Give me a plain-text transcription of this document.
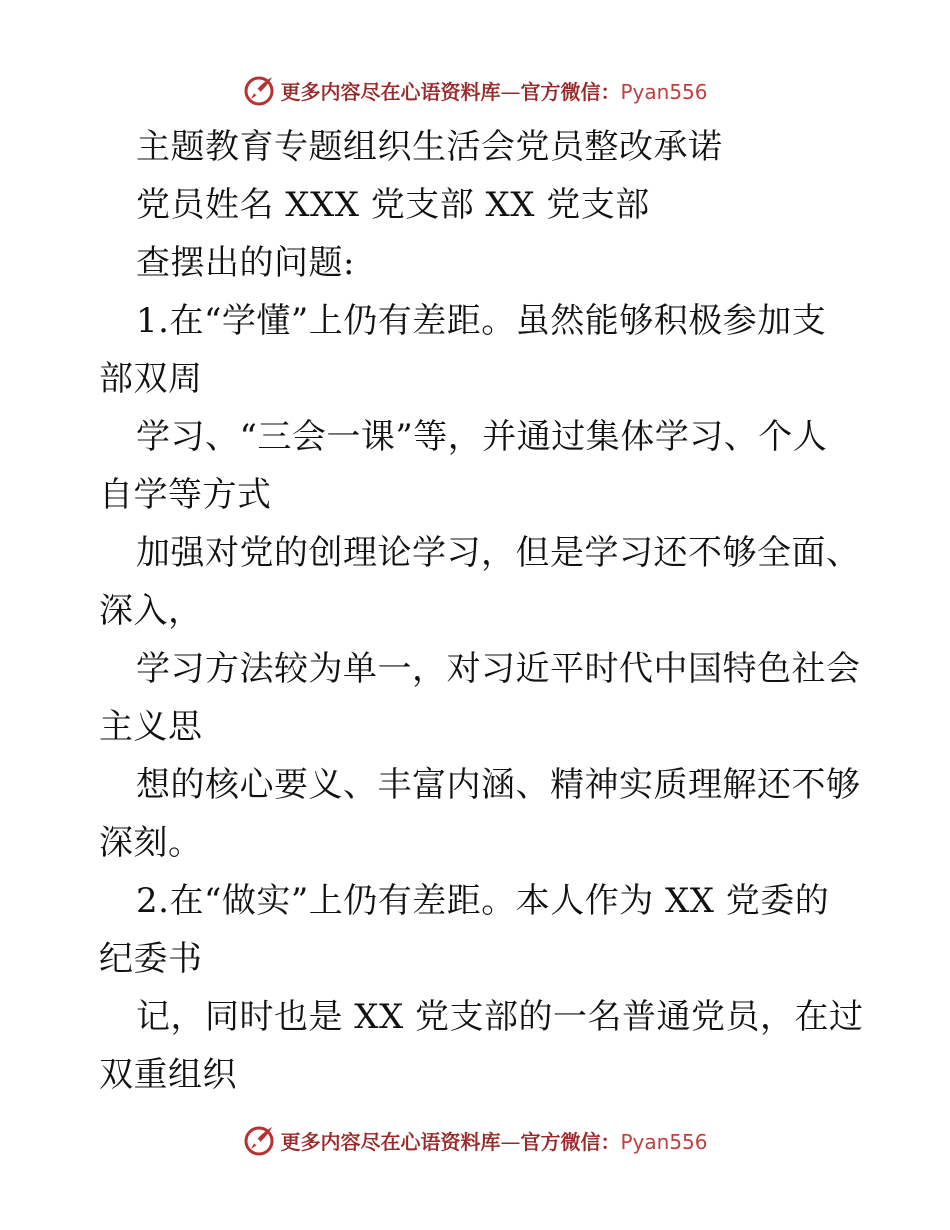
更多内容尽在心语资料库—官方微信：Pyan556
主题教育专题组织生活会党员整改承诺
党员姓名 XXX 党支部 XX 党支部
查摆出的问题:
1.在“学懂”上仍有差距。虽然能够积极参加支
部双周
学习、“三会一课”等，并通过集体学习、个人
自学等方式
加强对党的创理论学习，但是学习还不够全面、
深入，
学习方法较为单一，对习近平时代中国特色社会
主义思
想的核心要义、丰富内涵、精神实质理解还不够
深刻。
2.在“做实”上仍有差距。本人作为 XX 党委的
纪委书
记，同时也是 XX 党支部的一名普通党员，在过
双重组织
更多内容尽在心语资料库—官方微信：Pyan556
